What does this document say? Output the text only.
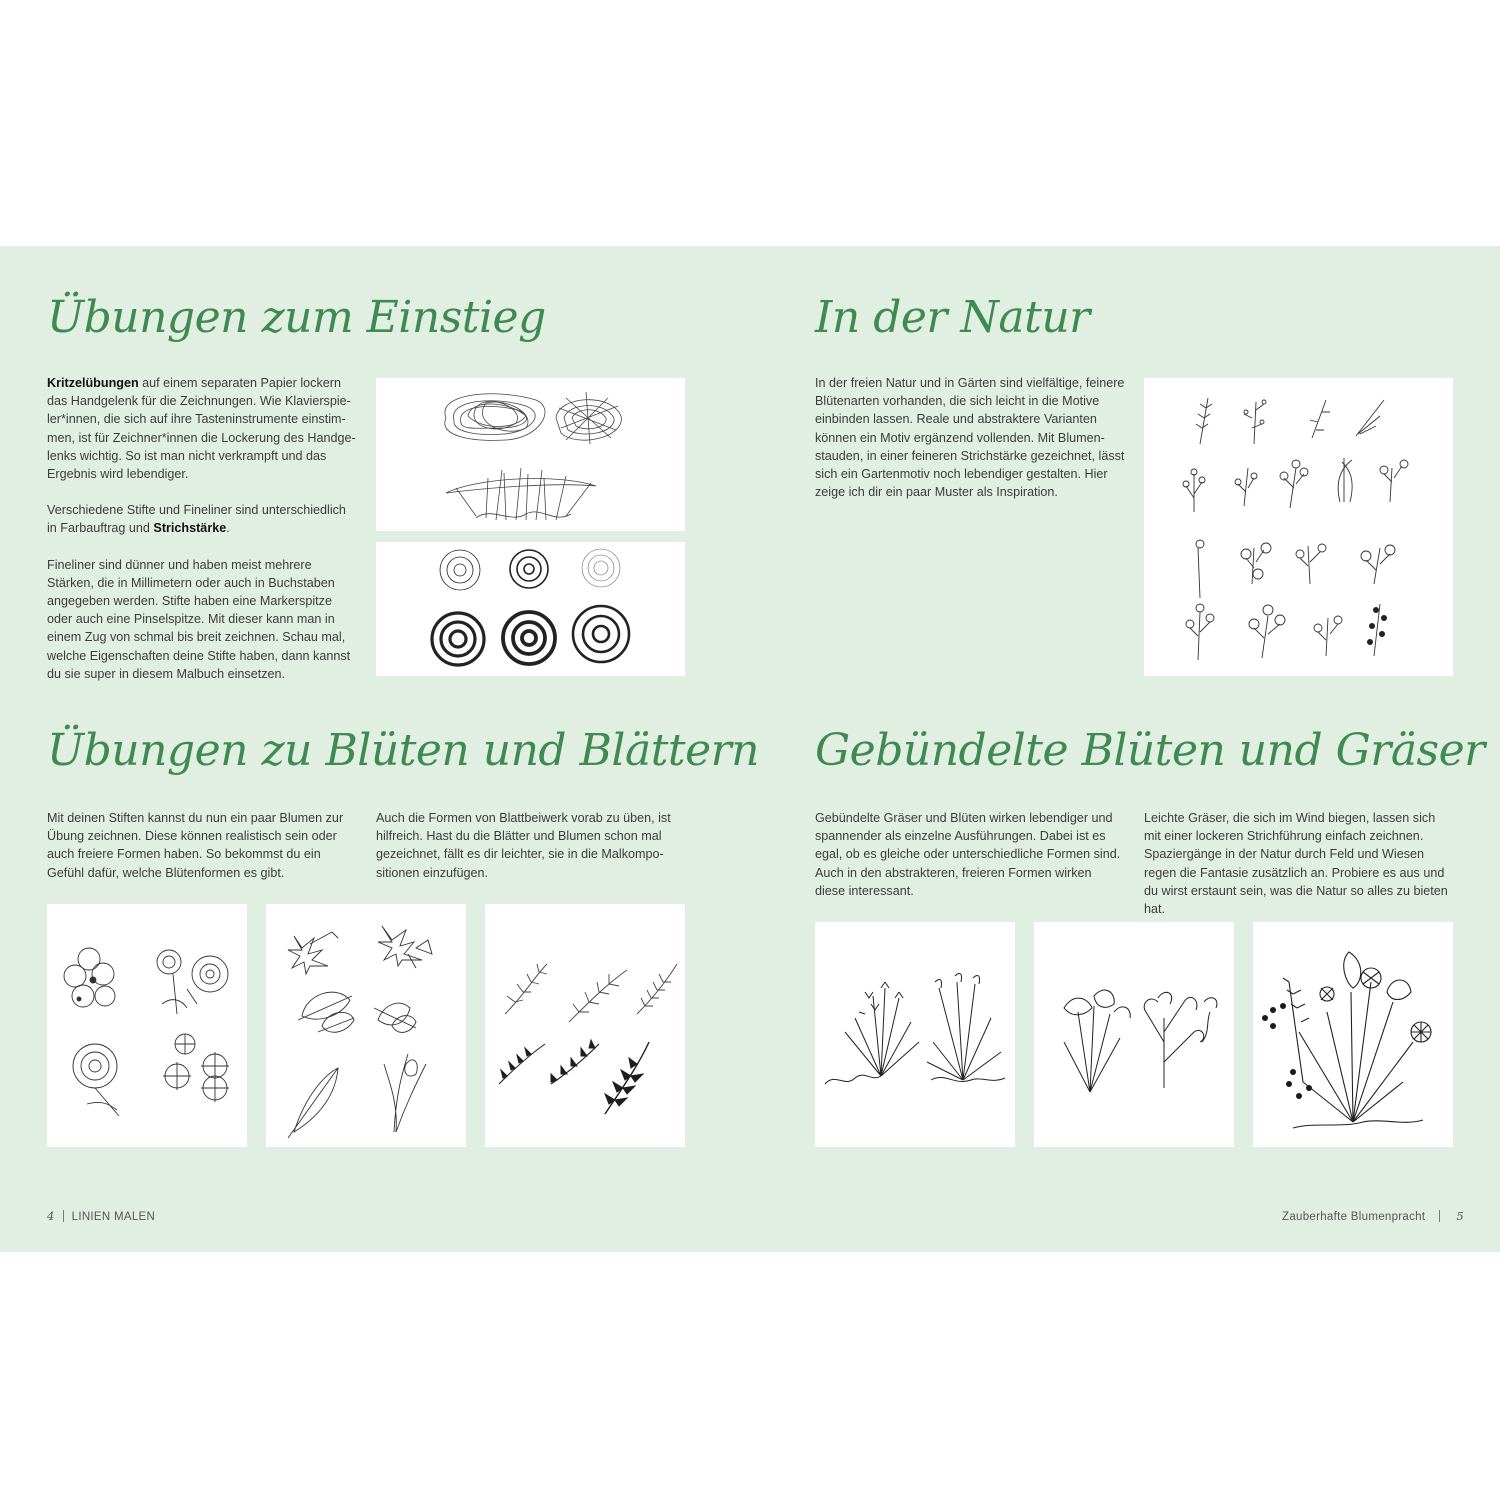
Übungen zum Einstieg

Kritzelübungen auf einem separaten Papier lockern das Handgelenk für die Zeichnungen. Wie Klavierspieler*innen, die sich auf ihre Tasteninstrumente einstimmen, ist für Zeichner*innen die Lockerung des Handgelenks wichtig. So ist man nicht verkrampft und das Ergebnis wird lebendiger.

Verschiedene Stifte und Fineliner sind unterschiedlich in Farbauftrag und Strichstärke.

Fineliner sind dünner und haben meist mehrere Stärken, die in Millimetern oder auch in Buchstaben angegeben werden. Stifte haben eine Markerspitze oder auch eine Pinselspitze. Mit dieser kann man in einem Zug von schmal bis breit zeichnen. Schau mal, welche Eigenschaften deine Stifte haben, dann kannst du sie super in diesem Malbuch einsetzen.

Übungen zu Blüten und Blättern

Mit deinen Stiften kannst du nun ein paar Blumen zur Übung zeichnen. Diese können realistisch sein oder auch freiere Formen haben. So bekommst du ein Gefühl dafür, welche Blütenformen es gibt.

Auch die Formen von Blattbeiwerk vorab zu üben, ist hilfreich. Hast du die Blätter und Blumen schon mal gezeichnet, fällt es dir leichter, sie in die Malkompositionen einzufügen.

4 LINIEN MALEN
In der Natur

In der freien Natur und in Gärten sind vielfältige, feinere Blütenarten vorhanden, die sich leicht in die Motive einbinden lassen. Reale und abstraktere Varianten können ein Motiv ergänzend vollenden. Mit Blumenstauden, in einer feineren Strichstärke gezeichnet, lässt sich ein Gartenmotiv noch lebendiger gestalten. Hier zeige ich dir ein paar Muster als Inspiration.

Gebündelte Blüten und Gräser

Gebündelte Gräser und Blüten wirken lebendiger und spannender als einzelne Ausführungen. Dabei ist es egal, ob es gleiche oder unterschiedliche Formen sind. Auch in den abstrakteren, freieren Formen wirken diese interessant.

Leichte Gräser, die sich im Wind biegen, lassen sich mit einer lockeren Strichführung einfach zeichnen. Spaziergänge in der Natur durch Feld und Wiesen regen die Fantasie zusätzlich an. Probiere es aus und du wirst erstaunt sein, was die Natur so alles zu bieten hat.

Zauberhafte Blumenpracht	5
